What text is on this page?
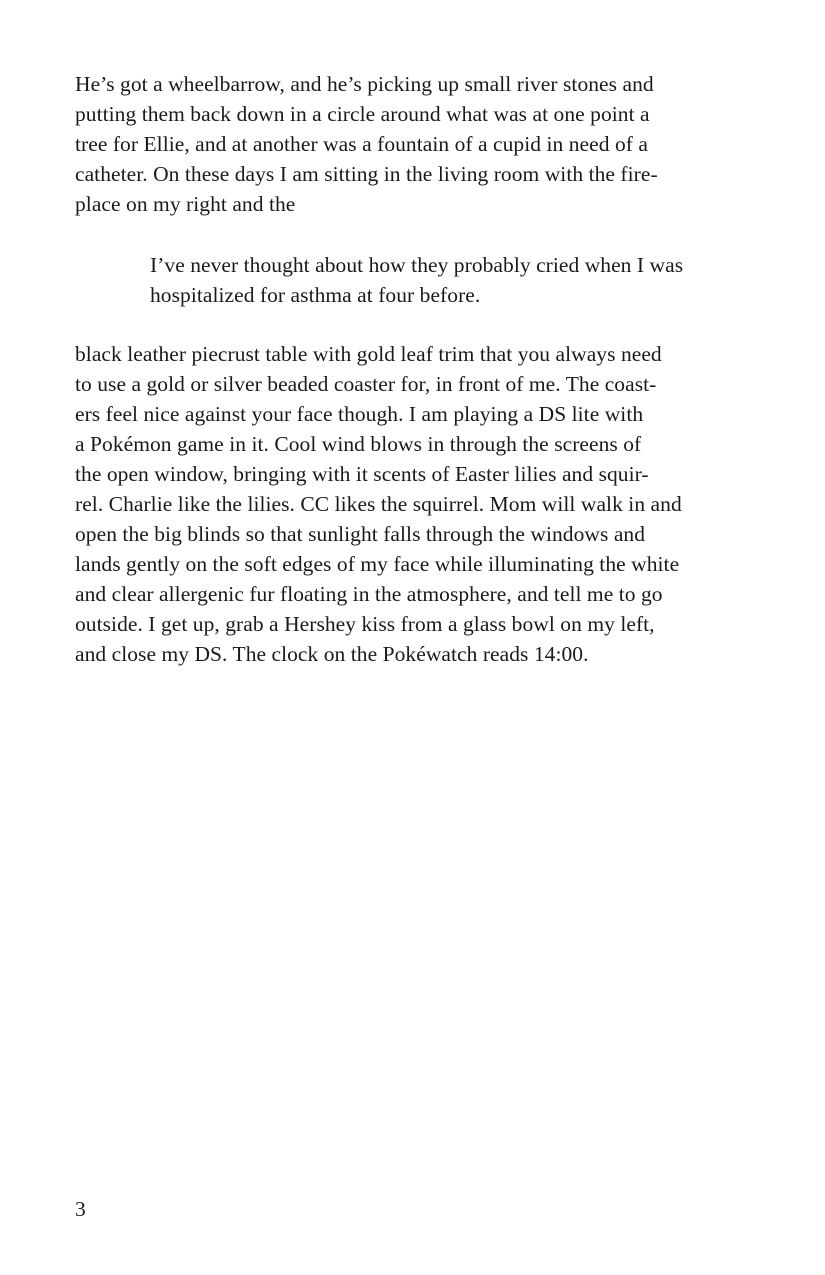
He’s got a wheelbarrow, and he’s picking up small river stones and
putting them back down in a circle around what was at one point a
tree for Ellie, and at another was a fountain of a cupid in need of a
catheter. On these days I am sitting in the living room with the fire-
place on my right and the
I’ve never thought about how they probably cried when I was
hospitalized for asthma at four before.
black leather piecrust table with gold leaf trim that you always need
to use a gold or silver beaded coaster for, in front of me. The coast-
ers feel nice against your face though. I am playing a DS lite with
a Pokémon game in it. Cool wind blows in through the screens of
the open window, bringing with it scents of Easter lilies and squir-
rel. Charlie like the lilies. CC likes the squirrel. Mom will walk in and
open the big blinds so that sunlight falls through the windows and
lands gently on the soft edges of my face while illuminating the white
and clear allergenic fur floating in the atmosphere, and tell me to go
outside. I get up, grab a Hershey kiss from a glass bowl on my left,
and close my DS. The clock on the Pokéwatch reads 14:00.
3
